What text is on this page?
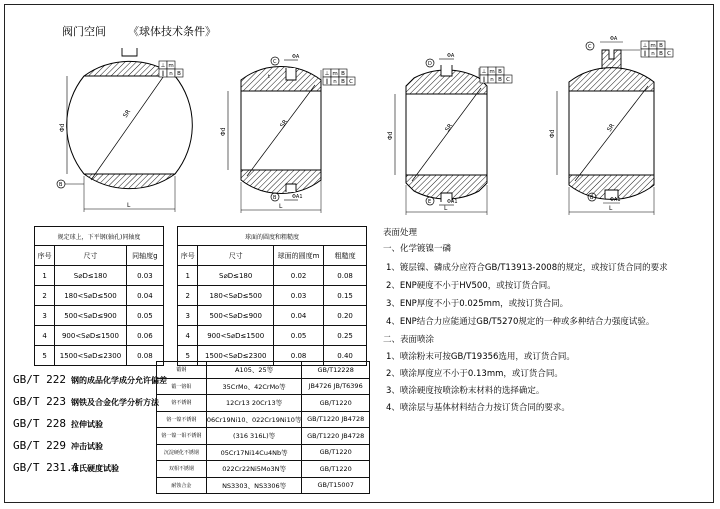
阀门空间 《球体技术条件》
SR
Φd
L
B
SR
Φd
ΦA
ΦA1
L
C
B
t
SR
Φd
ΦA
ΦA1
L
D
E
SR
Φd
ΦA
ΦA1
L
C
B
⊥ m
∥ n B	⊥ m B
∥ n B C
⊥ m B
∥ n B C
⊥ m B
∥ n B C
规定球上，下平钢(轴孔)同轴度		
序号	尺寸	同轴度g
1	S⌀D≤180	0.03
2	180<S⌀D≤500	0.04
3	500<S⌀D≤900	0.05
4	900<S⌀D≤1500	0.06
5	1500<S⌀D≤2300	0.08
球面的圆度和粗糙度			
序号	尺寸	球面的圆度m	粗糙度
1	S⌀D≤180	0.02	0.08
2	180<S⌀D≤500	0.03	0.15
3	500<S⌀D≤900	0.04	0.20
4	900<S⌀D≤1500	0.05	0.25
5	1500<S⌀D≤2300	0.08	0.40
GB/T 222 钢的成品化学成分允许偏差
GB/T 223 钢铁及合金化学分析方法
GB/T 228 拉伸试验
GB/T 229 冲击试验
GB/T 231.1布氏硬度试验
锻钢	A105、25等	GB/T12228
锻一铬钼	35CrMo、42CrMo等	JB4726 JB/T6396
铬不锈钢	12Cr13 20Cr13等	GB/T1220
铬一镍不锈钢	06Cr19Ni10、022Cr19Ni10等	GB/T1220 JB4728
铬一镍一钼不锈钢	(316 316L)等	GB/T1220 JB4728
沉淀硬化不锈钢	05Cr17Ni14Cu4Nb等	GB/T1220
双相不锈钢	022Cr22Ni5Mo3N等	GB/T1220
耐蚀合金	NS3303、NS3306等	GB/T15007
表面处理
一、化学镀镍一磷
1、镀层镍、磷成分应符合GB/T13913-2008的规定，或按订货合同的要求
2、ENP硬度不小于HV500，或按订货合同。
3、ENP厚度不小于0.025mm，或按订货合同。
4、ENP结合力应能通过GB/T5270规定的一种或多种结合力强度试验。
二、表面喷涂
1、喷涂粉末可按GB/T19356选用，或订货合同。
2、喷涂厚度应不小于0.13mm，或订货合同。
3、喷涂硬度按喷涂粉末材料的选择确定。
4、喷涂层与基体材料结合力按订货合同的要求。
